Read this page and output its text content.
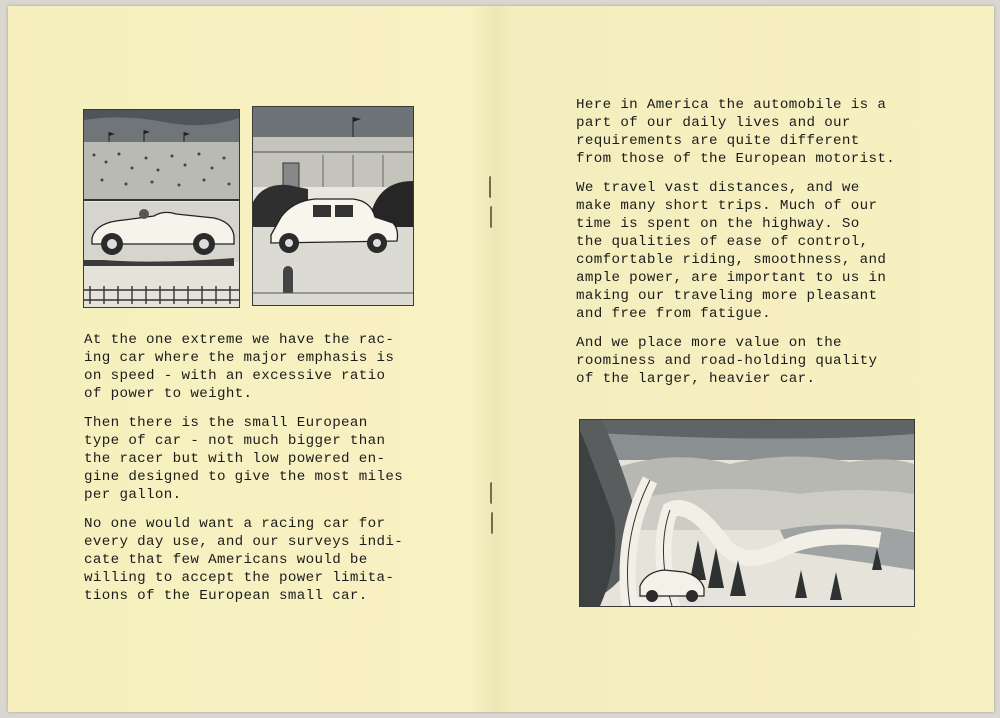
At the one extreme we have the rac-
ing car where the major emphasis is
on speed - with an excessive ratio
of power to weight.

Then there is the small European
type of car - not much bigger than
the racer but with low powered en-
gine designed to give the most miles
per gallon.

No one would want a racing car for
every day use, and our surveys indi-
cate that few Americans would be
willing to accept the power limita-
tions of the European small car.

Here in America the automobile is a
part of our daily lives and our
requirements are quite different
from those of the European motorist.

We travel vast distances, and we
make many short trips. Much of our
time is spent on the highway. So
the qualities of ease of control,
comfortable riding, smoothness, and
ample power, are important to us in
making our traveling more pleasant
and free from fatigue.

And we place more value on the
roominess and road-holding quality
of the larger, heavier car.
